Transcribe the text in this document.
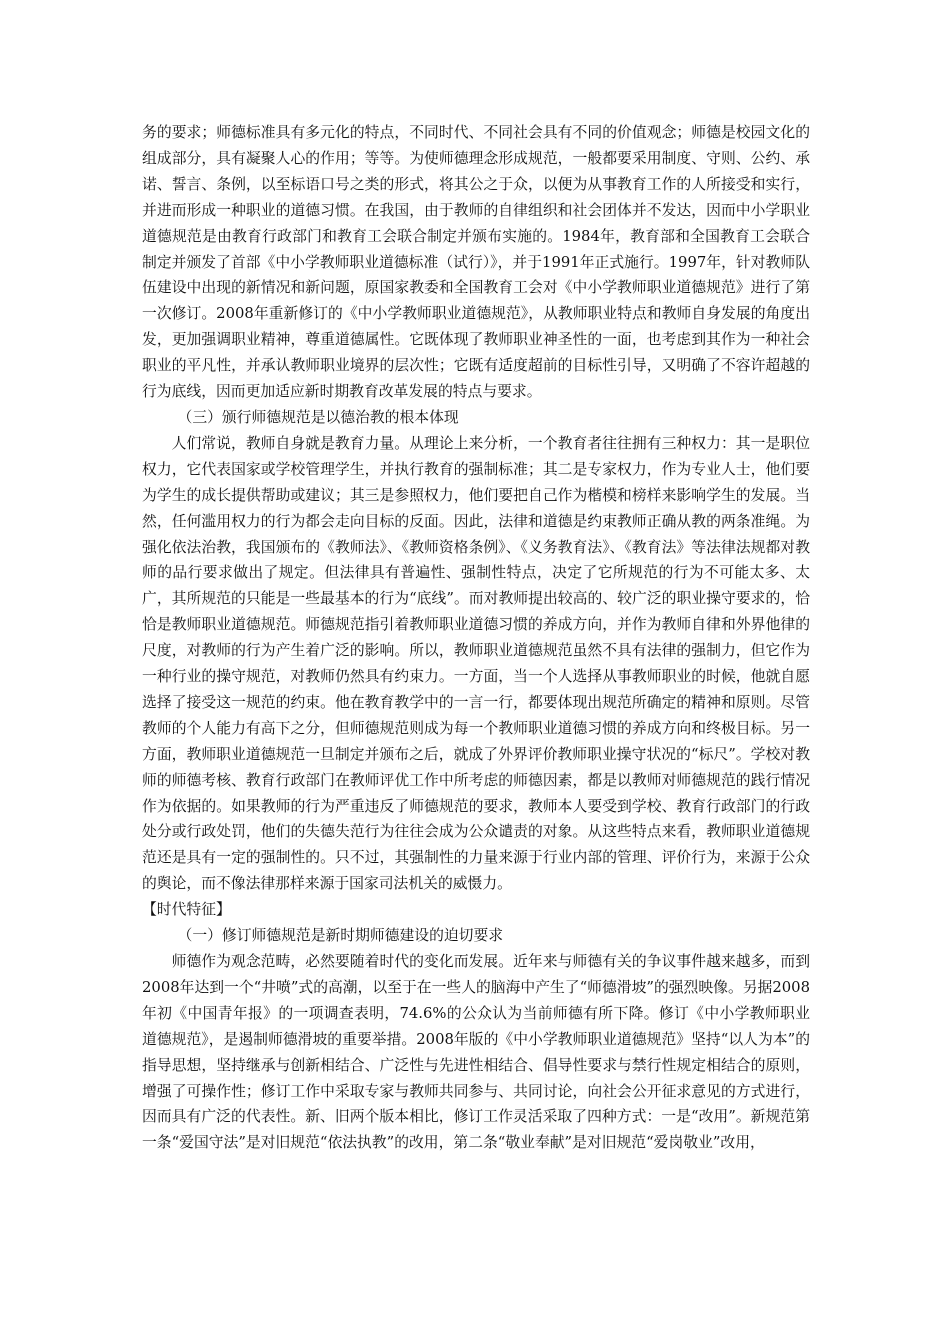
务的要求；师德标准具有多元化的特点，不同时代、不同社会具有不同的价值观念；师德是校园文化的组成部分，具有凝聚人心的作用；等等。为使师德理念形成规范，一般都要采用制度、守则、公约、承诺、誓言、条例，以至标语口号之类的形式，将其公之于众，以便为从事教育工作的人所接受和实行，并进而形成一种职业的道德习惯。在我国，由于教师的自律组织和社会团体并不发达，因而中小学职业道德规范是由教育行政部门和教育工会联合制定并颁布实施的。1984年，教育部和全国教育工会联合制定并颁发了首部《中小学教师职业道德标准（试行）》，并于1991年正式施行。1997年，针对教师队伍建设中出现的新情况和新问题，原国家教委和全国教育工会对《中小学教师职业道德规范》进行了第一次修订。2008年重新修订的《中小学教师职业道德规范》，从教师职业特点和教师自身发展的角度出发，更加强调职业精神，尊重道德属性。它既体现了教师职业神圣性的一面，也考虑到其作为一种社会职业的平凡性，并承认教师职业境界的层次性；它既有适度超前的目标性引导，又明确了不容许超越的行为底线，因而更加适应新时期教育改革发展的特点与要求。

（三）颁行师德规范是以德治教的根本体现

人们常说，教师自身就是教育力量。从理论上来分析，一个教育者往往拥有三种权力：其一是职位权力，它代表国家或学校管理学生，并执行教育的强制标准；其二是专家权力，作为专业人士，他们要为学生的成长提供帮助或建议；其三是参照权力，他们要把自己作为楷模和榜样来影响学生的发展。当然，任何滥用权力的行为都会走向目标的反面。因此，法律和道德是约束教师正确从教的两条准绳。为强化依法治教，我国颁布的《教师法》、《教师资格条例》、《义务教育法》、《教育法》等法律法规都对教师的品行要求做出了规定。但法律具有普遍性、强制性特点，决定了它所规范的行为不可能太多、太广，其所规范的只能是一些最基本的行为“底线”。而对教师提出较高的、较广泛的职业操守要求的，恰恰是教师职业道德规范。师德规范指引着教师职业道德习惯的养成方向，并作为教师自律和外界他律的尺度，对教师的行为产生着广泛的影响。所以，教师职业道德规范虽然不具有法律的强制力，但它作为一种行业的操守规范，对教师仍然具有约束力。一方面，当一个人选择从事教师职业的时候，他就自愿选择了接受这一规范的约束。他在教育教学中的一言一行，都要体现出规范所确定的精神和原则。尽管教师的个人能力有高下之分，但师德规范则成为每一个教师职业道德习惯的养成方向和终极目标。另一方面，教师职业道德规范一旦制定并颁布之后，就成了外界评价教师职业操守状况的“标尺”。学校对教师的师德考核、教育行政部门在教师评优工作中所考虑的师德因素，都是以教师对师德规范的践行情况作为依据的。如果教师的行为严重违反了师德规范的要求，教师本人要受到学校、教育行政部门的行政处分或行政处罚，他们的失德失范行为往往会成为公众谴责的对象。从这些特点来看，教师职业道德规范还是具有一定的强制性的。只不过，其强制性的力量来源于行业内部的管理、评价行为，来源于公众的舆论，而不像法律那样来源于国家司法机关的威慑力。

【时代特征】

（一）修订师德规范是新时期师德建设的迫切要求

师德作为观念范畴，必然要随着时代的变化而发展。近年来与师德有关的争议事件越来越多，而到2008年达到一个“井喷”式的高潮，以至于在一些人的脑海中产生了“师德滑坡”的强烈映像。另据2008年初《中国青年报》的一项调查表明，74.6%的公众认为当前师德有所下降。修订《中小学教师职业道德规范》，是遏制师德滑坡的重要举措。2008年版的《中小学教师职业道德规范》坚持“以人为本”的指导思想，坚持继承与创新相结合、广泛性与先进性相结合、倡导性要求与禁行性规定相结合的原则，增强了可操作性；修订工作中采取专家与教师共同参与、共同讨论，向社会公开征求意见的方式进行，因而具有广泛的代表性。新、旧两个版本相比，修订工作灵活采取了四种方式：一是“改用”。新规范第一条“爱国守法”是对旧规范“依法执教”的改用，第二条“敬业奉献”是对旧规范“爱岗敬业”改用，
